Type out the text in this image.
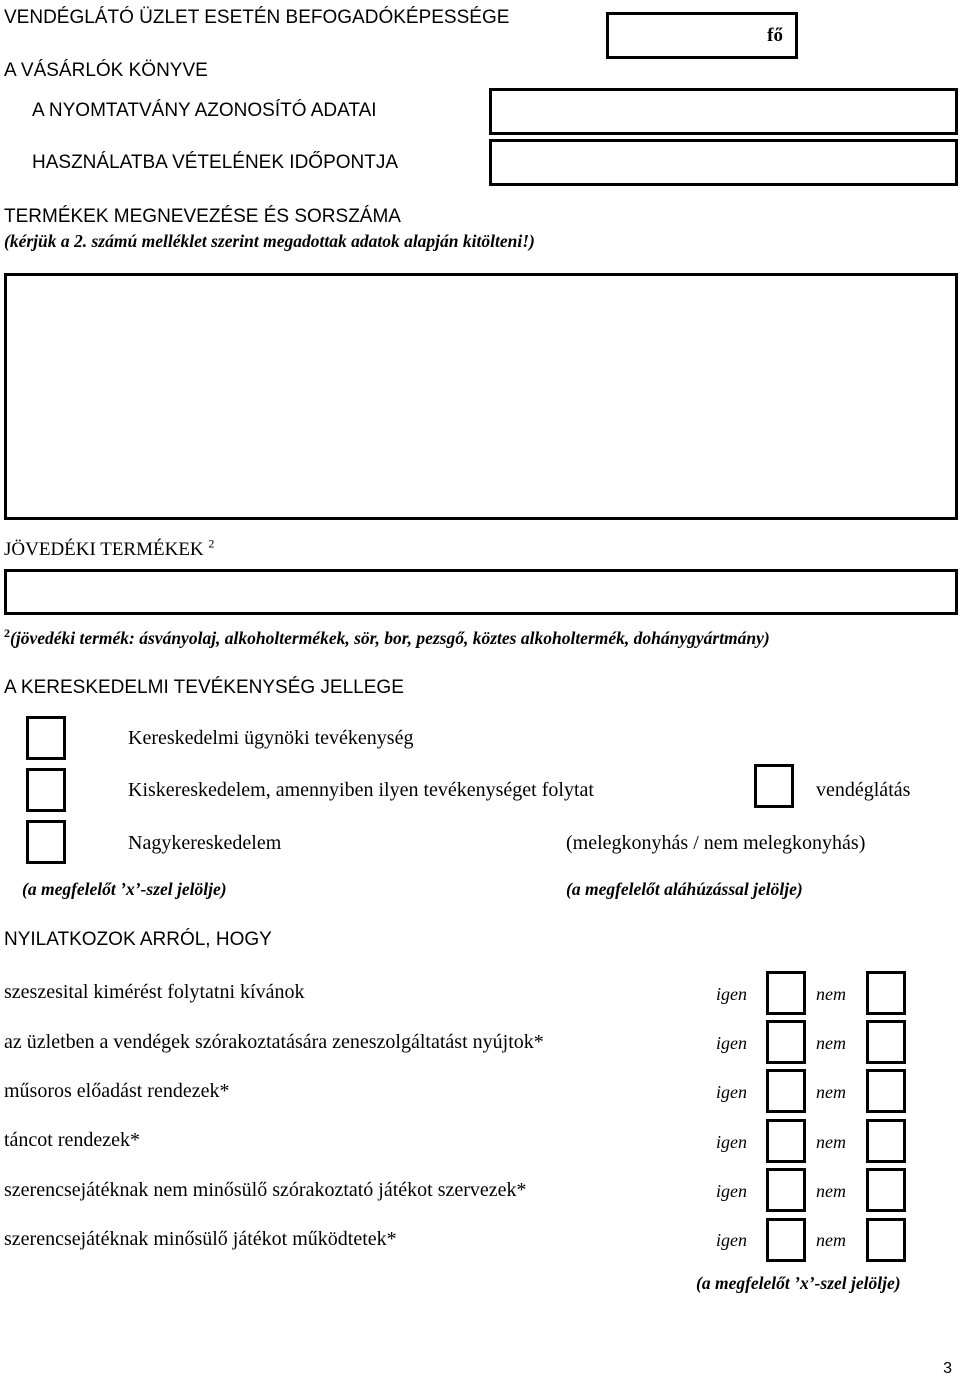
VENDÉGLÁTÓ ÜZLET ESETÉN BEFOGADÓKÉPESSÉGE
fő
A VÁSÁRLÓK KÖNYVE
A NYOMTATVÁNY AZONOSÍTÓ ADATAI
HASZNÁLATBA VÉTELÉNEK IDŐPONTJA
TERMÉKEK MEGNEVEZÉSE ÉS SORSZÁMA
(kérjük a 2. számú melléklet szerint megadottak adatok alapján kitölteni!)
JÖVEDÉKI TERMÉKEK $^2$
$^2$(jövedéki termék: ásványolaj, alkoholtermékek, sör, bor, pezsgő, köztes alkoholtermék, dohánygyártmány)
A KERESKEDELMI TEVÉKENYSÉG JELLEGE
Kereskedelmi ügynöki tevékenység
Kiskereskedelem, amennyiben ilyen tevékenységet folytat	vendéglátás
Nagykereskedelem	(melegkonyhás / nem melegkonyhás)
(a megfelelőt ’x’-szel jelölje)	(a megfelelőt aláhúzással jelölje)
NYILATKOZOK ARRÓL, HOGY
szeszesital kimérést folytatni kívánok	igen	nem
az üzletben a vendégek szórakoztatására zeneszolgáltatást nyújtok*	igen	nem
műsoros előadást rendezek*	igen	nem
táncot rendezek*	igen	nem
szerencsejátéknak nem minősülő szórakoztató játékot szervezek*	igen	nem
szerencsejátéknak minősülő játékot működtetek*	igen	nem
(a megfelelőt ’x’-szel jelölje)
3
